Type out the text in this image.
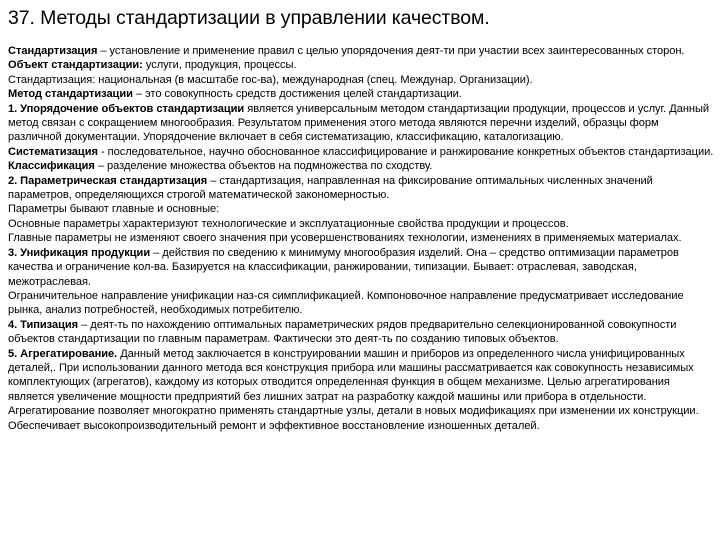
37. Методы стандартизации в управлении качеством.

Стандартизация – установление и применение правил с целью упорядочения деят-ти при участии всех заинтересованных сторон.

Объект стандартизации: услуги, продукция, процессы.

Стандартизация: национальная (в масштабе гос-ва), международная (спец. Междунар. Организации).

Метод стандартизации – это совокупность средств достижения целей стандартизации.

1. Упорядочение объектов стандартизации является универсальным методом стандартизации продукции, процессов и услуг. Данный метод связан с сокращением многообразия. Результатом применения этого метода являются перечни изделий, образцы форм различной документации. Упорядочение включает в себя систематизацию, классификацию, каталогизацию.

Систематизация - последовательное, научно обоснованное классифицирование и ранжирование конкретных объектов стандартизации.

Классификация – разделение множества объектов на подмножества по сходству.

2. Параметрическая стандартизация – стандартизация, направленная на фиксирование оптимальных численных значений параметров, определяющихся строгой математической закономерностью.

Параметры бывают главные и основные:

Основные параметры характеризуют технологические и эксплуатационные свойства продукции и процессов.

Главные параметры не изменяют своего значения при усовершенствованиях технологии, изменениях в применяемых материалах.

3. Унификация продукции – действия по сведению к минимуму многообразия изделий. Она – средство оптимизации параметров качества и ограничение кол-ва. Базируется на классификации, ранжировании, типизации. Бывает: отраслевая, заводская, межотраслевая.

Ограничительное направление унификации наз-ся симплификацией. Компоновочное направление предусматривает исследование рынка, анализ потребностей, необходимых потребителю.

4. Типизация – деят-ть по нахождению оптимальных параметрических рядов предварительно селекционированной совокупности объектов стандартизации по главным параметрам. Фактически это деят-ть по созданию типовых объектов.

5. Агрегатирование. Данный метод заключается в конструировании машин и приборов из определенного числа унифицированных деталей,. При использовании данного метода вся конструкция прибора или машины рассматривается как совокупность независимых комплектующих (агрегатов), каждому из которых отводится определенная функция в общем механизме. Целью агрегатирования является увеличение мощности предприятий без лишних затрат на разработку каждой машины или прибора в отдельности.

Агрегатирование позволяет многократно применять стандартные узлы, детали в новых модификациях при изменении их конструкции.

Обеспечивает высокопроизводительный ремонт и эффективное восстановление изношенных деталей.
